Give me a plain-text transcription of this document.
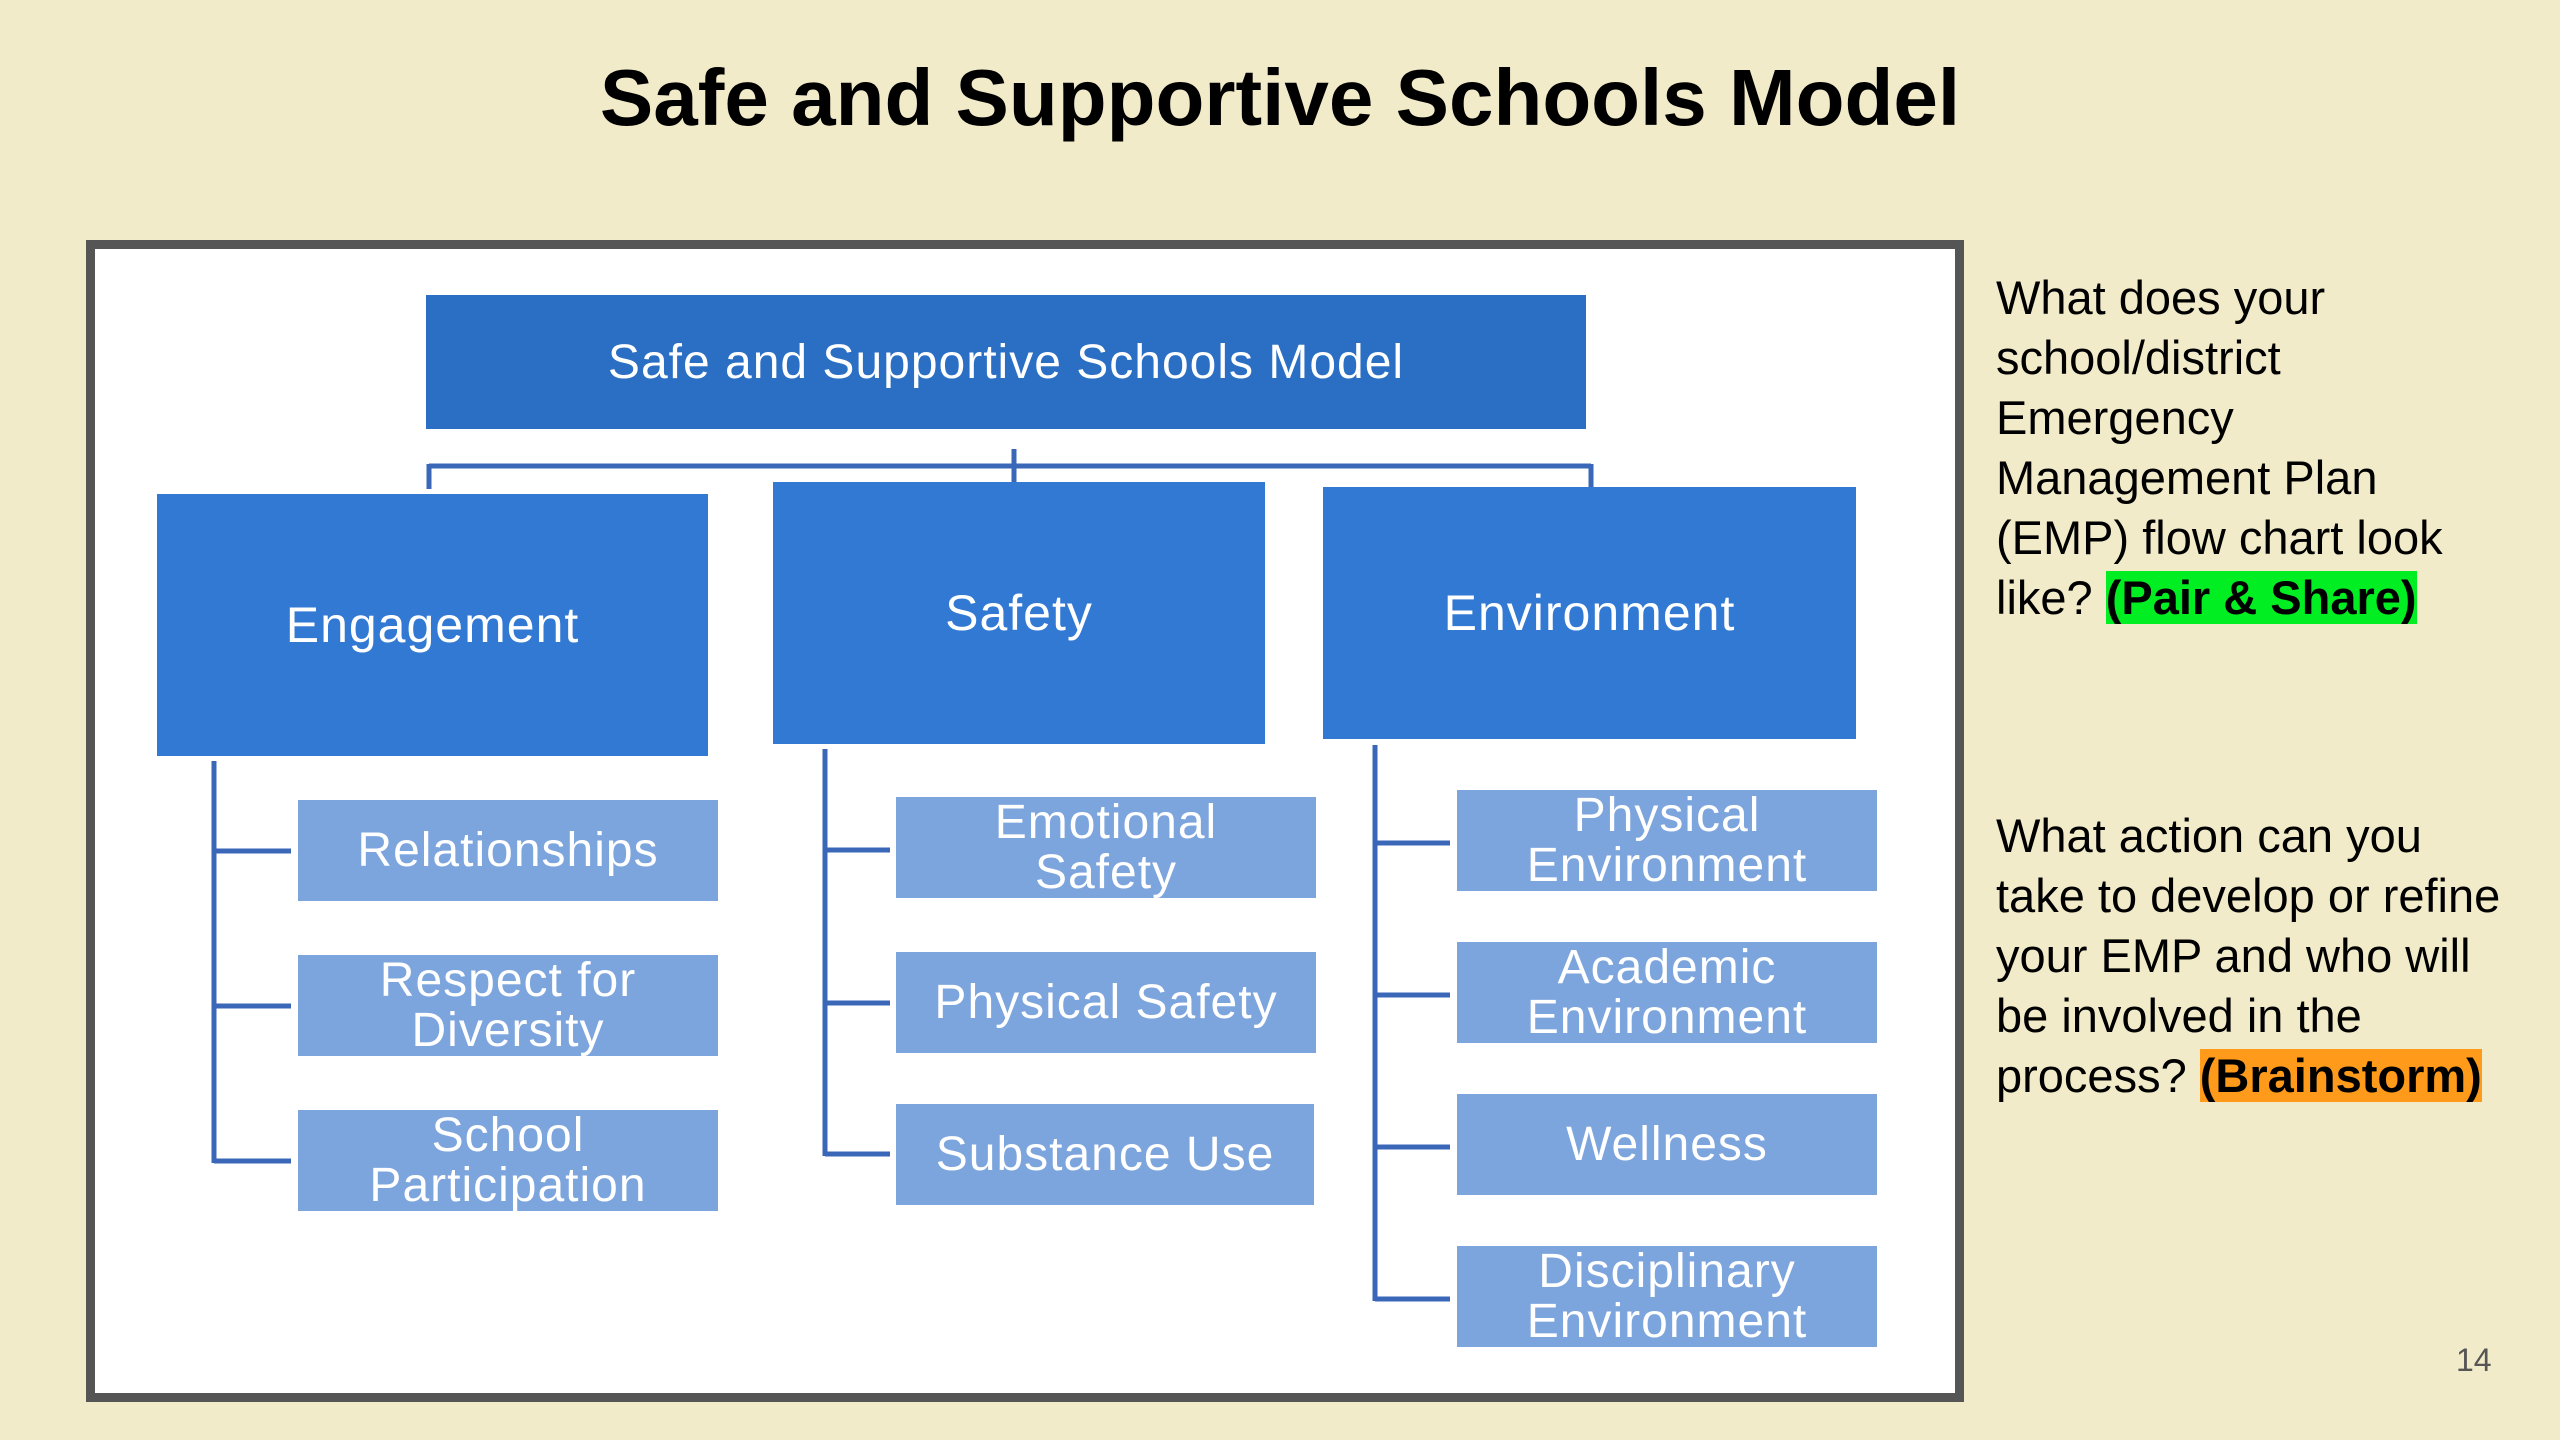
Safe and Supportive Schools Model
Safe and Supportive Schools Model
Engagement	Safety	Environment
Relationships
Respect for Diversity
School Participation
Emotional Safety
Physical Safety
Substance Use
Physical Environment
Academic Environment
Wellness
Disciplinary Environment
What does your school/district Emergency Management Plan (EMP) flow chart look like? (Pair & Share)
What action can you take to develop or refine your EMP and who will be involved in the process? (Brainstorm)
14
